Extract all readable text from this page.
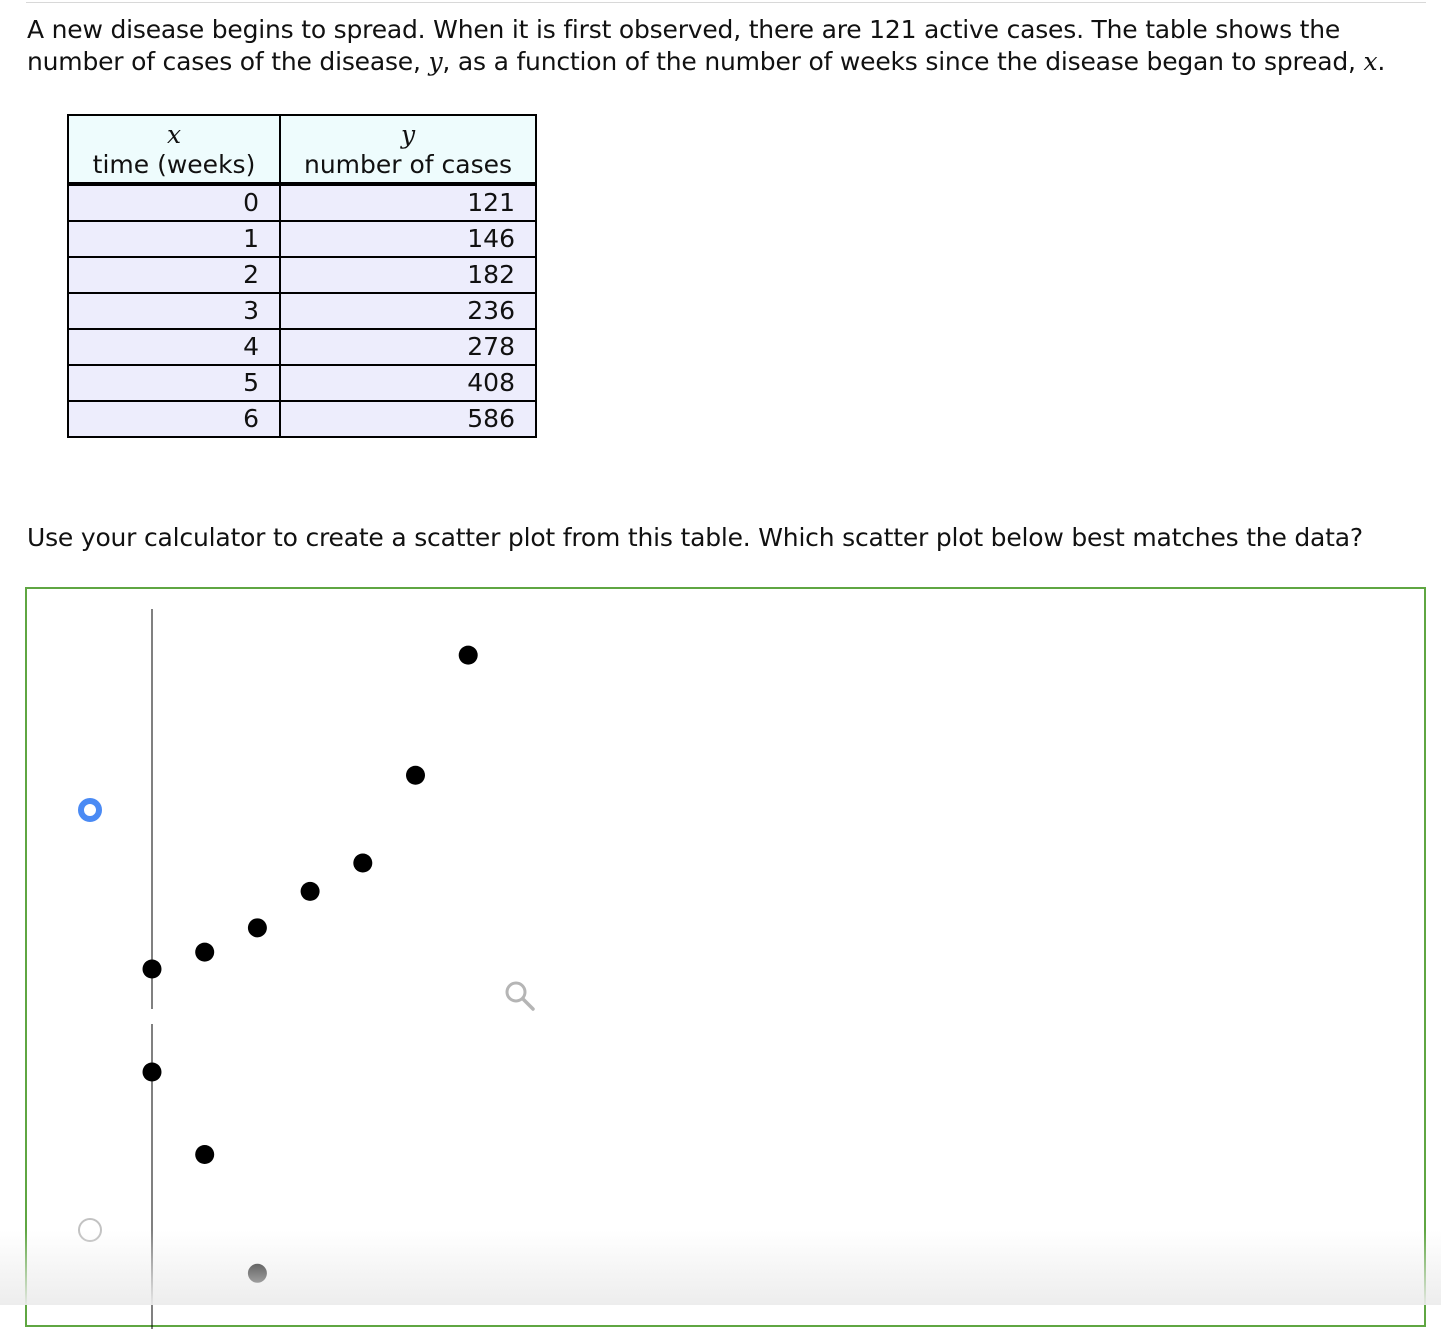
A new disease begins to spread. When it is first observed, there are 121 active cases. The table shows the number of cases of the disease, y, as a function of the number of weeks since the disease began to spread, x.
x
time (weeks)	y
number of cases
0	121
1	146
2	182
3	236
4	278
5	408
6	586
Use your calculator to create a scatter plot from this table. Which scatter plot below best matches the data?
